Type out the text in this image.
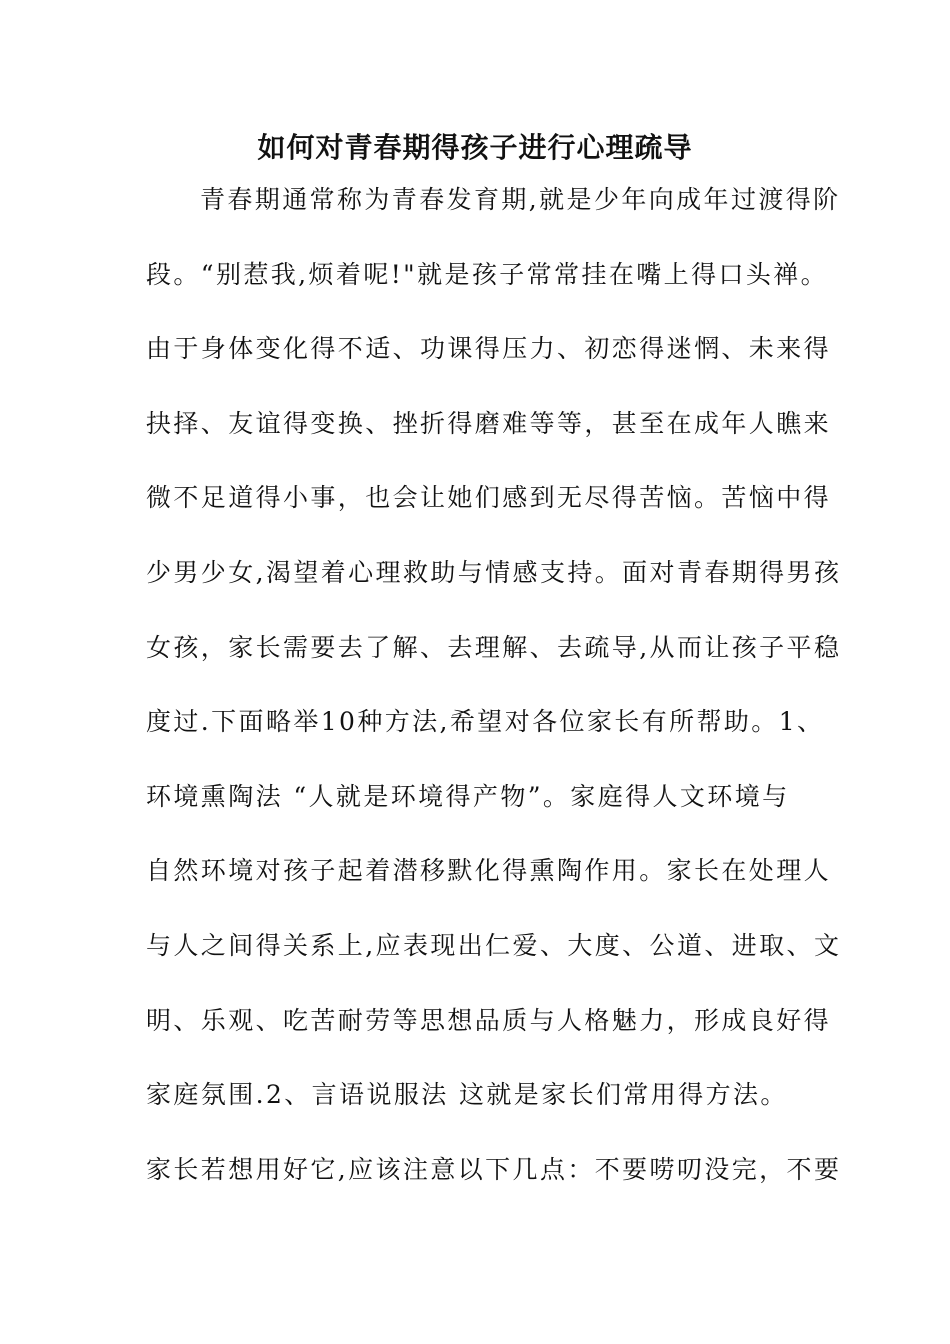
如何对青春期得孩子进行心理疏导
青春期通常称为青春发育期,就是少年向成年过渡得阶
段。“别惹我,烦着呢!"就是孩子常常挂在嘴上得口头禅。
由于身体变化得不适、功课得压力、初恋得迷惘、未来得
抉择、友谊得变换、挫折得磨难等等，甚至在成年人瞧来
微不足道得小事，也会让她们感到无尽得苦恼。苦恼中得
少男少女,渴望着心理救助与情感支持。面对青春期得男孩
女孩，家长需要去了解、去理解、去疏导,从而让孩子平稳
度过.下面略举10种方法,希望对各位家长有所帮助。1、
环境熏陶法 “人就是环境得产物”。家庭得人文环境与
自然环境对孩子起着潜移默化得熏陶作用。家长在处理人
与人之间得关系上,应表现出仁爱、大度、公道、进取、文
明、乐观、吃苦耐劳等思想品质与人格魅力，形成良好得
家庭氛围.2、言语说服法 这就是家长们常用得方法。
家长若想用好它,应该注意以下几点：不要唠叨没完，不要
